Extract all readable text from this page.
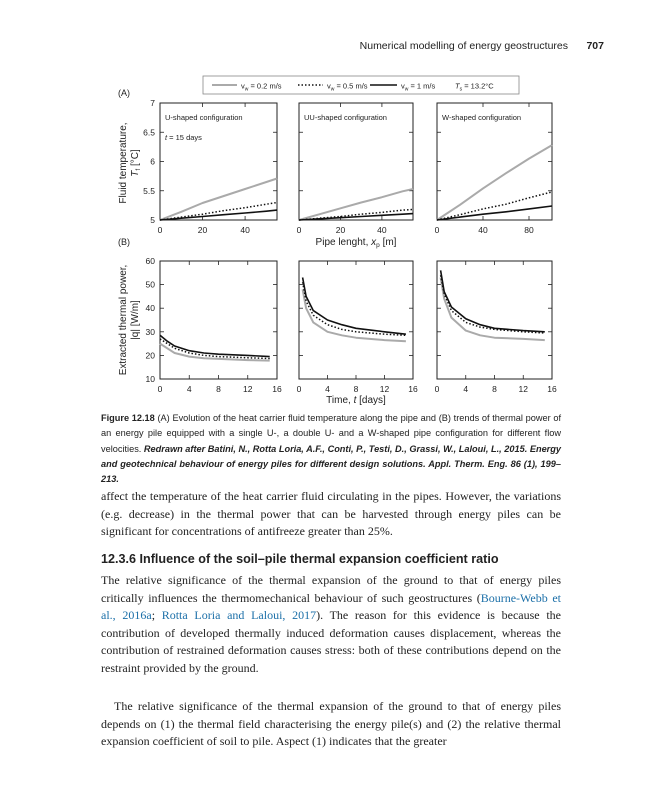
Numerical modelling of energy geostructures 707
$v_w = 0.2$ m/s	$v_w = 0.5$ m/s	$v_w = 1$ m/s	$T_s = 13.2^\circ C$
(A)
(B)
Fluid temperature, $T_f$ [°C]
Extracted thermal power, |q| [W/m]
Pipe lenght, $x_p$ [m]
Time, t [days]
5
5.5
6
6.5
7
0	20	40
U-shaped configuration
t = 15 days
0	20	40
UU-shaped configuration
0	40	80
W-shaped configuration
10
20
30
40
50
60
0	4	8	12 16 0	4	8	12 16 0	4	8	12 16
Figure 12.18 (A) Evolution of the heat carrier fluid temperature along the pipe and (B) trends of thermal power of an energy pile equipped with a single U-, a double U- and a W-shaped pipe configuration for different flow velocities. Redrawn after Batini, N., Rotta Loria, A.F., Conti, P., Testi, D., Grassi, W., Laloui, L., 2015. Energy and geotechnical behaviour of energy piles for different design solutions. Appl. Therm. Eng. 86 (1), 199–213.

affect the temperature of the heat carrier fluid circulating in the pipes. However, the variations (e.g. decrease) in the thermal power that can be harvested through energy piles can be significant for concentrations of antifreeze greater than 25%.

12.3.6 Influence of the soil–pile thermal expansion coefficient ratio

The relative significance of the thermal expansion of the ground to that of energy piles critically influences the thermomechanical behaviour of such geostructures (Bourne-Webb et al., 2016a; Rotta Loria and Laloui, 2017). The reason for this evidence is because the contribution of developed thermally induced deformation causes displacement, whereas the contribution of restrained deformation causes stress: both of these contributions depend on the restraint provided by the ground.

The relative significance of the thermal expansion of the ground to that of energy piles depends on (1) the thermal field characterising the energy pile(s) and (2) the relative thermal expansion coefficient of soil to pile. Aspect (1) indicates that the greater
